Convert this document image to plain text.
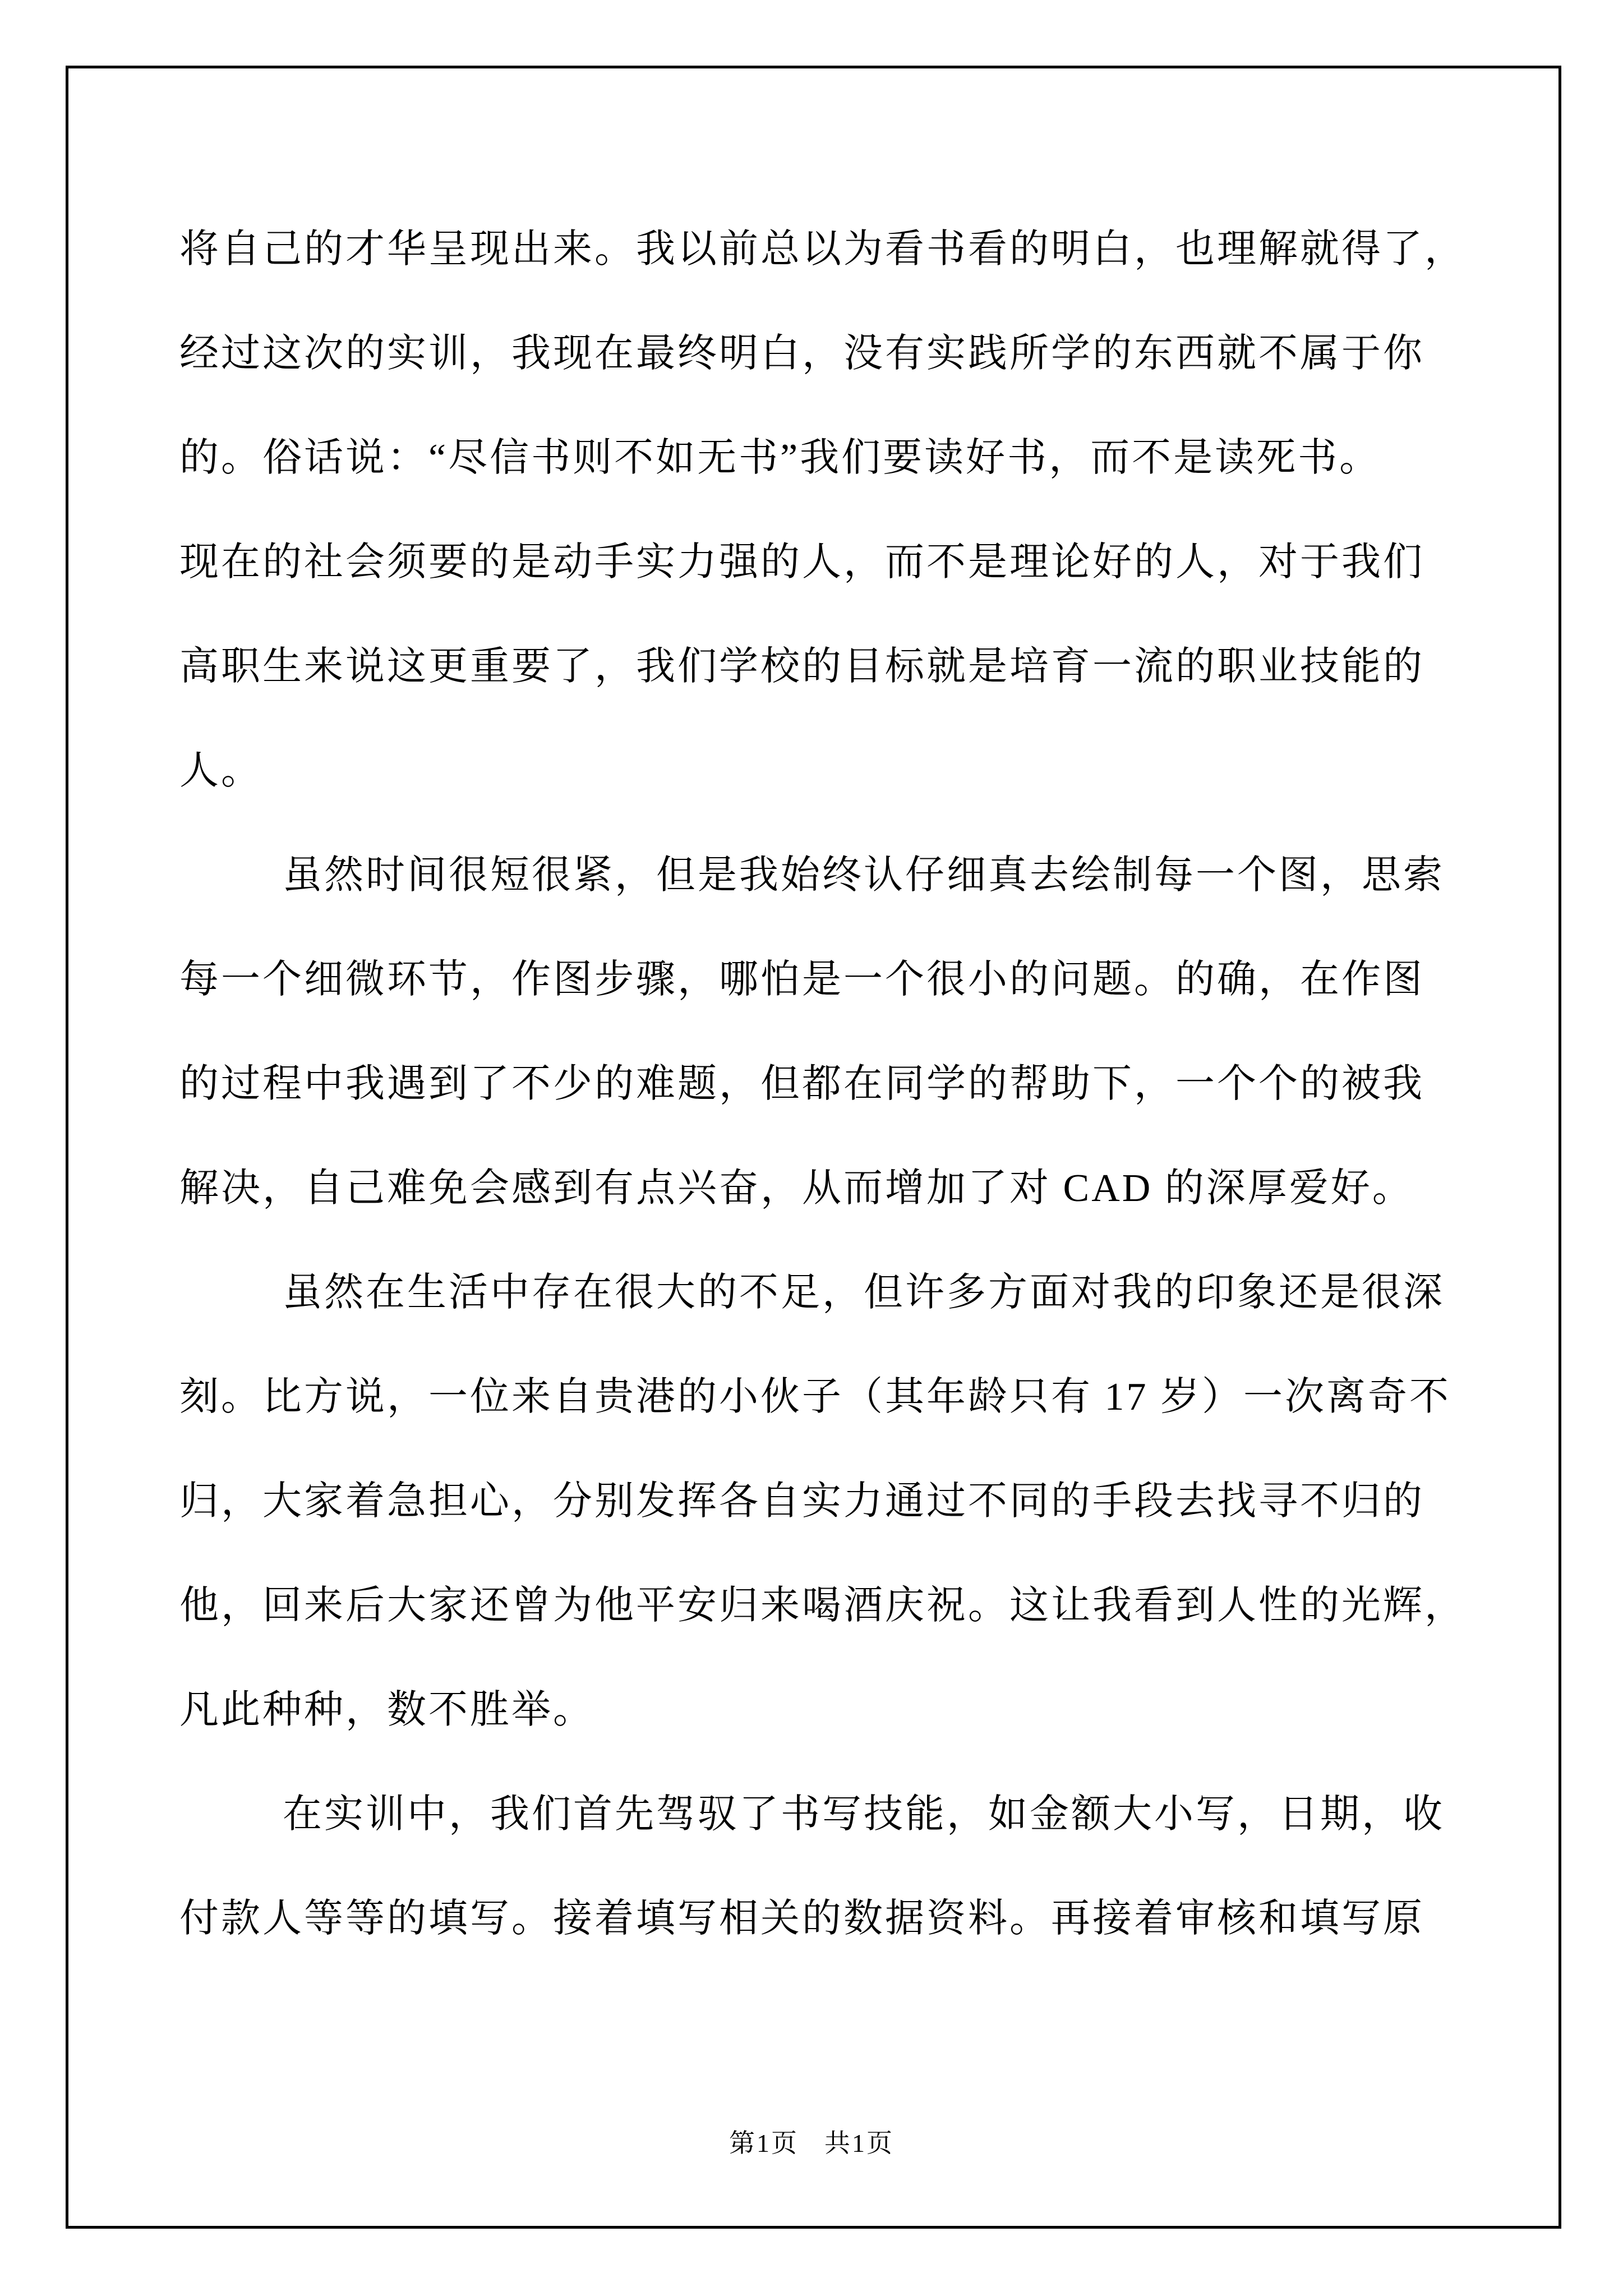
将自己的才华呈现出来。我以前总以为看书看的明白，也理解就得了，
经过这次的实训，我现在最终明白，没有实践所学的东西就不属于你
的。俗话说：“尽信书则不如无书”我们要读好书，而不是读死书。
现在的社会须要的是动手实力强的人，而不是理论好的人，对于我们
高职生来说这更重要了，我们学校的目标就是培育一流的职业技能的
人。
虽然时间很短很紧，但是我始终认仔细真去绘制每一个图，思索
每一个细微环节，作图步骤，哪怕是一个很小的问题。的确，在作图
的过程中我遇到了不少的难题，但都在同学的帮助下，一个个的被我
解决，自己难免会感到有点兴奋，从而增加了对 CAD 的深厚爱好。
虽然在生活中存在很大的不足，但许多方面对我的印象还是很深
刻。比方说，一位来自贵港的小伙子（其年龄只有 17 岁）一次离奇不
归，大家着急担心，分别发挥各自实力通过不同的手段去找寻不归的
他，回来后大家还曾为他平安归来喝酒庆祝。这让我看到人性的光辉，
凡此种种，数不胜举。
在实训中，我们首先驾驭了书写技能，如金额大小写，日期，收
付款人等等的填写。接着填写相关的数据资料。再接着审核和填写原
第1页 共1页
